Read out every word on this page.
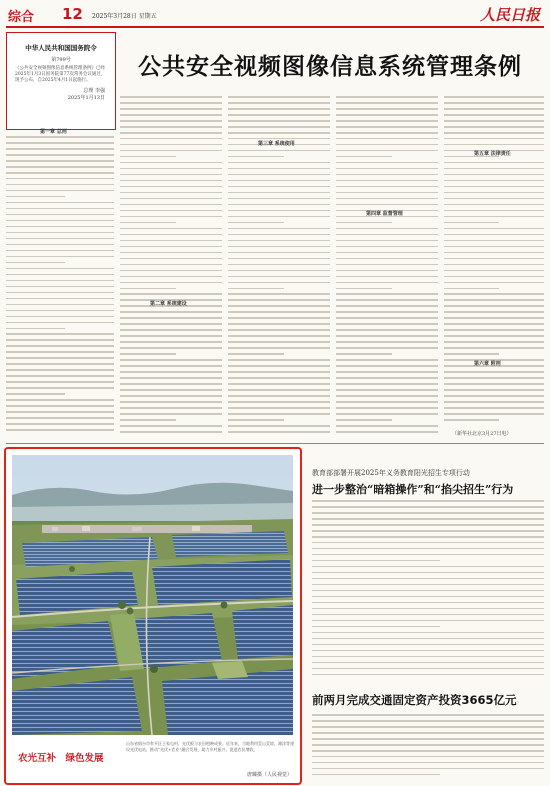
综合 12 2025年3月28日 星期五	人民日报
中华人民共和国国务院令
第799号
《公共安全视频图像信息系统管理条例》已经2025年1月3日国务院第77次常务会议通过，现予公布，自2025年4月1日起施行。
总理 李强
2025年1月13日
公共安全视频图像信息系统管理条例
第一章 总则
第二章 系统建设
第三章 系统使用
第四章 监督管理
第五章 法律责任
第六章 附则
（新华社北京3月27日电）
教育部部署开展2025年义务教育阳光招生专项行动
进一步整治“暗箱操作”和“掐尖招生”行为
前两月完成交通固定资产投资3665亿元
农光互补　绿色发展
山东省烟台市牟平区王家屯村，光伏板与农田相映成景。近年来，当地利用荒山荒坡、滩涂等建设光伏电站，推动“光伏+农业”融合发展，助力乡村振兴，促进农民增收。
唐臻摄（人民视觉）
